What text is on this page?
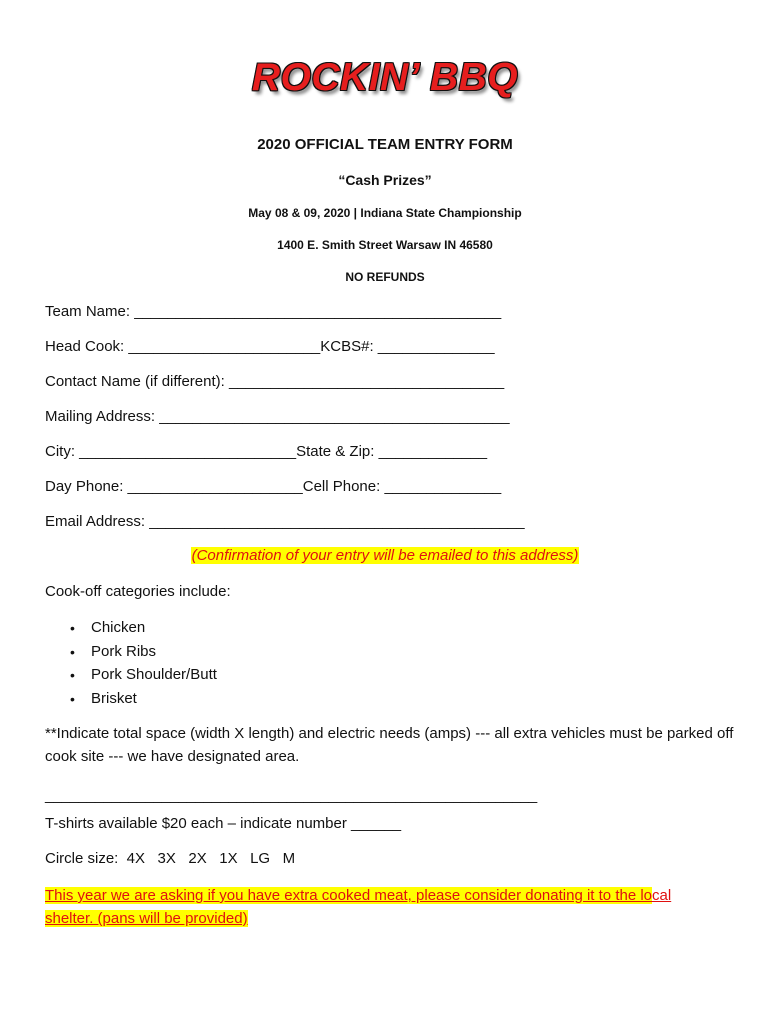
ROCKIN’ BBQ
2020 OFFICIAL TEAM ENTRY FORM
“Cash Prizes”
May 08 & 09, 2020 | Indiana State Championship
1400 E. Smith Street Warsaw IN 46580
NO REFUNDS
Team Name: ____________________________________________
Head Cook: _______________________KCBS#: ______________
Contact Name (if different): _________________________________
Mailing Address: __________________________________________
City: __________________________State & Zip: _____________
Day Phone: _____________________Cell Phone: ______________
Email Address: _____________________________________________
(Confirmation of your entry will be emailed to this address)
Cook-off categories include:
•	Chicken
•	Pork Ribs
•	Pork Shoulder/Butt
•	Brisket
**Indicate total space (width X length) and electric needs (amps) --- all extra vehicles must be parked off cook site --- we have designated area.
___________________________________________________________
T-shirts available $20 each – indicate number ______
Circle size:  4X   3X   2X   1X   LG   M
This year we are asking if you have extra cooked meat, please consider donating it to the local
shelter. (pans will be provided)
